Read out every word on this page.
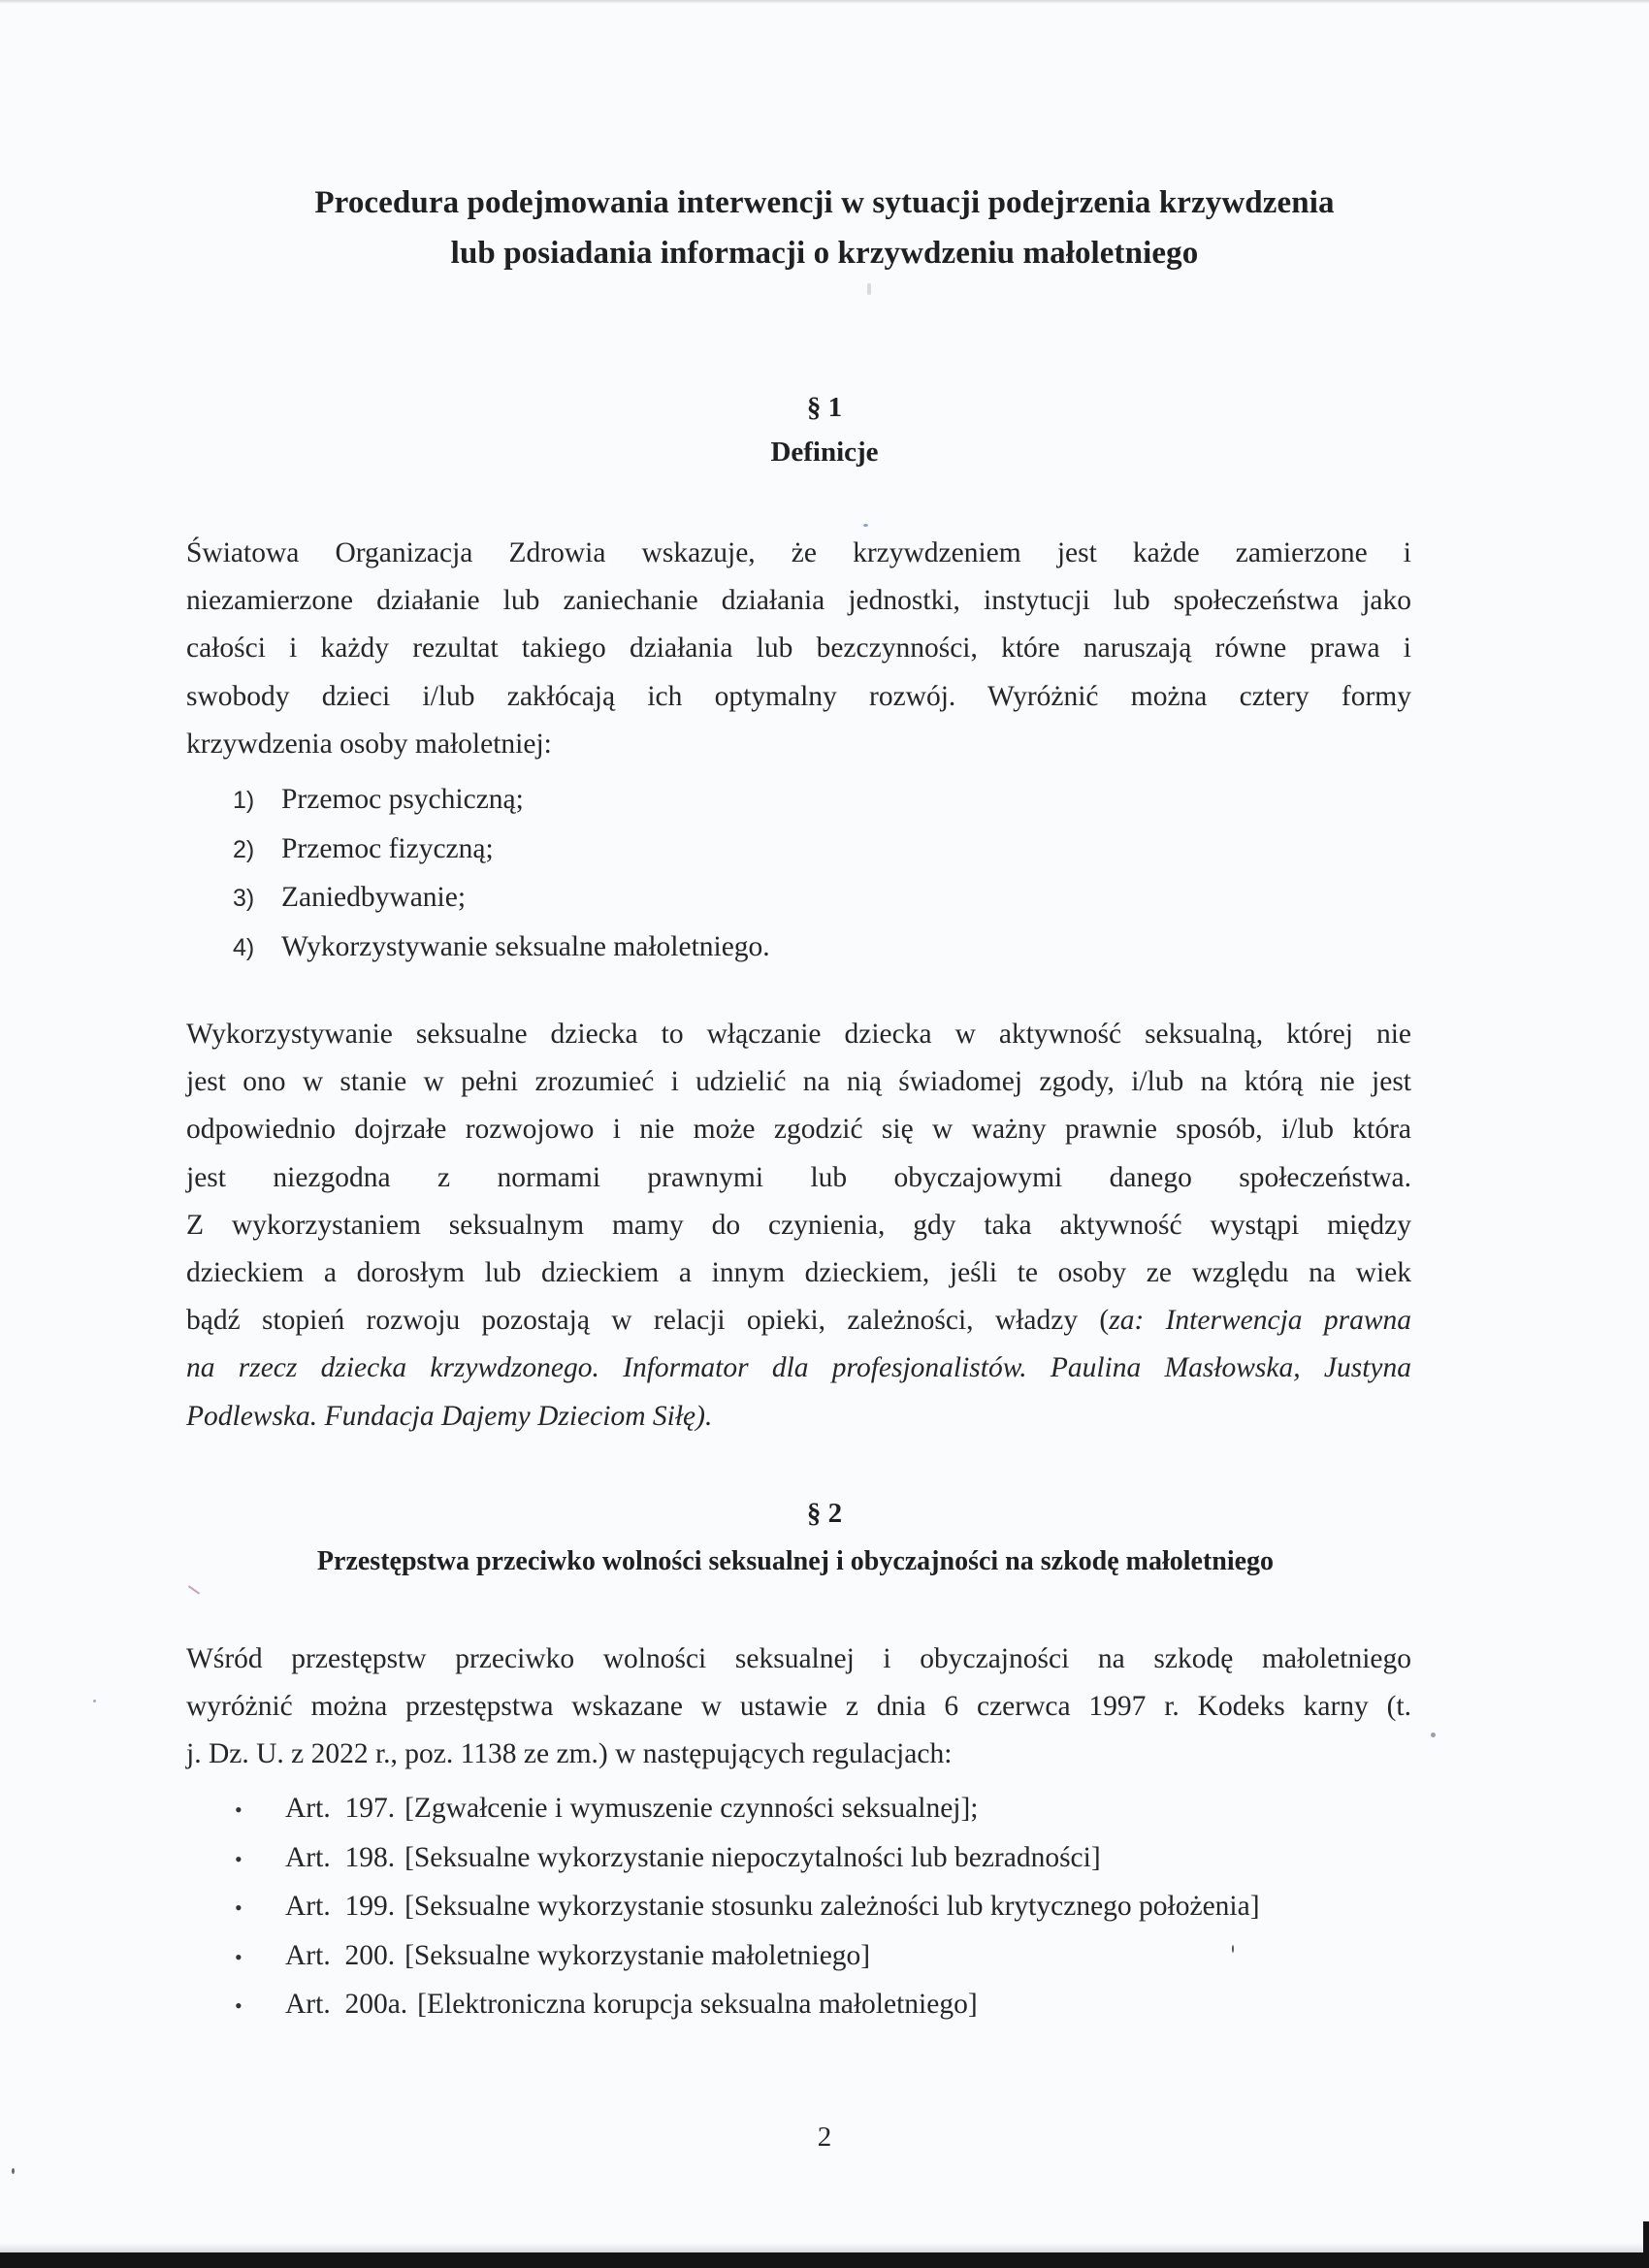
Procedura podejmowania interwencji w sytuacji podejrzenia krzywdzenia
lub posiadania informacji o krzywdzeniu małoletniego
§ 1
Definicje
Światowa Organizacja Zdrowia wskazuje, że krzywdzeniem jest każde zamierzone i
niezamierzone działanie lub zaniechanie działania jednostki, instytucji lub społeczeństwa jako
całości i każdy rezultat takiego działania lub bezczynności, które naruszają równe prawa i
swobody dzieci i/lub zakłócają ich optymalny rozwój. Wyróżnić można cztery formy
krzywdzenia osoby małoletniej:
1) Przemoc psychiczną;
2) Przemoc fizyczną;
3) Zaniedbywanie;
4) Wykorzystywanie seksualne małoletniego.
Wykorzystywanie seksualne dziecka to włączanie dziecka w aktywność seksualną, której nie
jest ono w stanie w pełni zrozumieć i udzielić na nią świadomej zgody, i/lub na którą nie jest
odpowiednio dojrzałe rozwojowo i nie może zgodzić się w ważny prawnie sposób, i/lub która
jest niezgodna z normami prawnymi lub obyczajowymi danego społeczeństwa.
Z wykorzystaniem seksualnym mamy do czynienia, gdy taka aktywność wystąpi między
dzieckiem a dorosłym lub dzieckiem a innym dzieckiem, jeśli te osoby ze względu na wiek
bądź stopień rozwoju pozostają w relacji opieki, zależności, władzy (za: Interwencja prawna
na rzecz dziecka krzywdzonego. Informator dla profesjonalistów. Paulina Masłowska, Justyna
Podlewska. Fundacja Dajemy Dzieciom Siłę).
§ 2
Przestępstwa przeciwko wolności seksualnej i obyczajności na szkodę małoletniego
Wśród przestępstw przeciwko wolności seksualnej i obyczajności na szkodę małoletniego
wyróżnić można przestępstwa wskazane w ustawie z dnia 6 czerwca 1997 r. Kodeks karny (t.
j. Dz. U. z 2022 r., poz. 1138 ze zm.) w następujących regulacjach:
•	Art. 197. [Zgwałcenie i wymuszenie czynności seksualnej];
•	Art. 198. [Seksualne wykorzystanie niepoczytalności lub bezradności]
•	Art. 199. [Seksualne wykorzystanie stosunku zależności lub krytycznego położenia]
•	Art. 200. [Seksualne wykorzystanie małoletniego]
•	Art. 200a. [Elektroniczna korupcja seksualna małoletniego]
2
